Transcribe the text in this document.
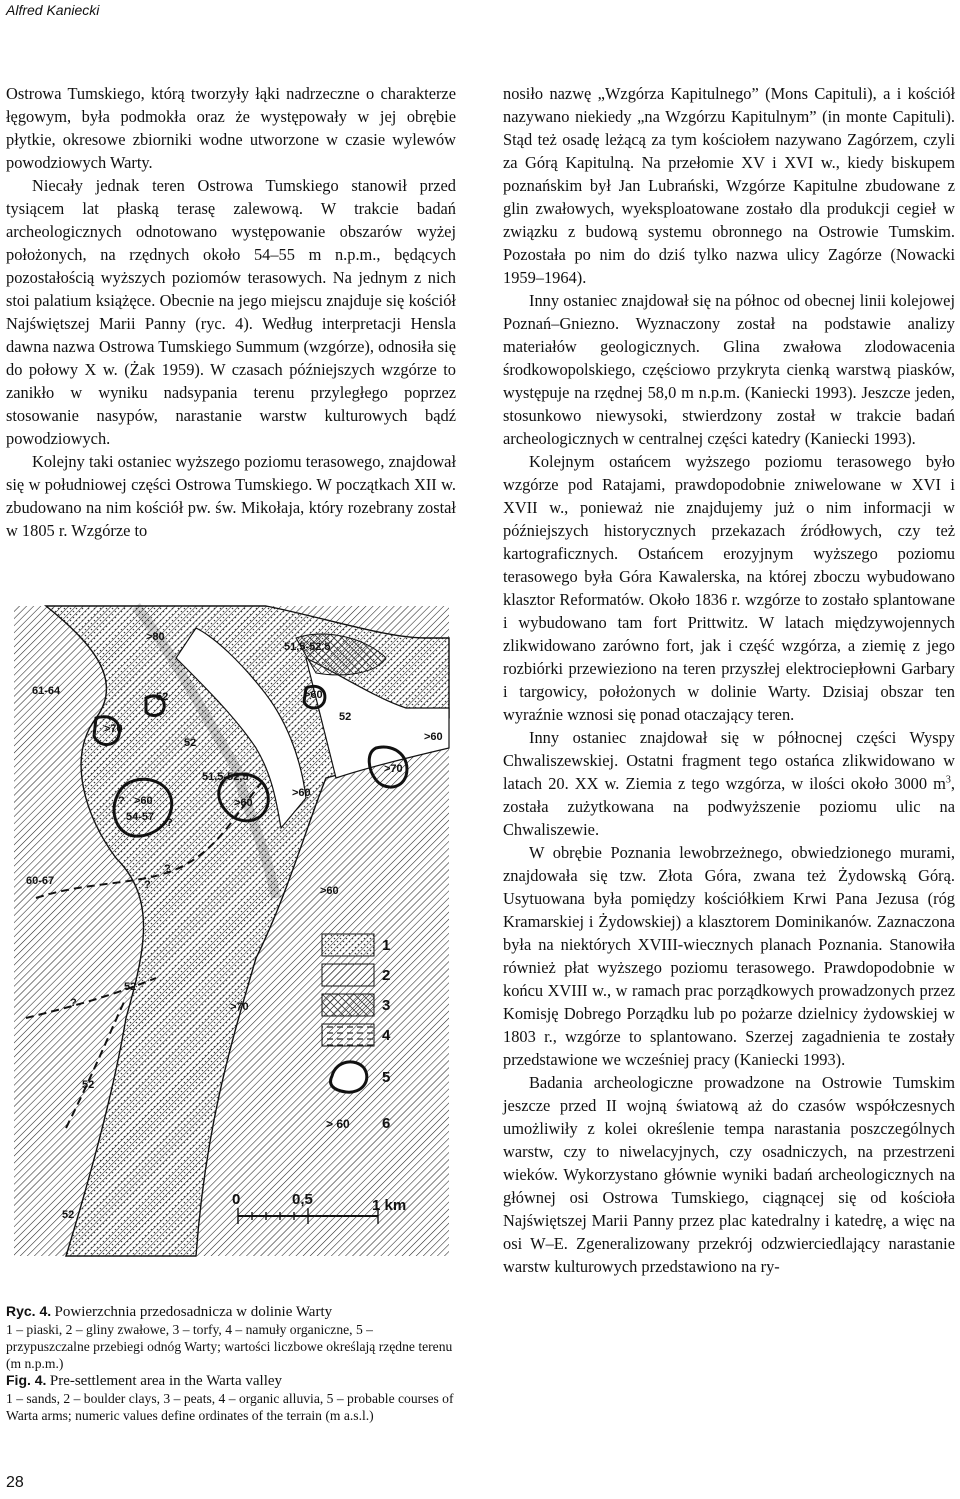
Alfred Kaniecki

Ostrowa Tumskiego, którą tworzyły łąki nadrzeczne o charakterze łęgowym, była podmokła oraz że występowały w jej obrębie płytkie, okresowe zbiorniki wodne utworzone w czasie wylewów powodziowych Warty.

Niecały jednak teren Ostrowa Tumskiego stanowił przed tysiącem lat płaską terasę zalewową. W trakcie badań archeologicznych odnotowano występowanie obszarów wyżej położonych, na rzędnych około 54–55 m n.p.m., będących pozostałością wyższych poziomów terasowych. Na jednym z nich stoi palatium książęce. Obecnie na jego miejscu znajduje się kościół Najświętszej Marii Panny (ryc. 4). Według interpretacji Hensla dawna nazwa Ostrowa Tumskiego Summum (wzgórze), odnosiła się do połowy X w. (Żak 1959). W czasach późniejszych wzgórze to zanikło w wyniku nadsypania terenu przyległego poprzez stosowanie nasypów, narastanie warstw kulturowych bądź powodziowych.

Kolejny taki ostaniec wyższego poziomu terasowego, znajdował się w południowej części Ostrowa Tumskiego. W początkach XII w. zbudowano na nim kościół pw. św. Mikołaja, który rozebrany został w 1805 r. Wzgórze to

nosiło nazwę „Wzgórza Kapitulnego” (Mons Capituli), a i kościół nazywano niekiedy „na Wzgórzu Kapitulnym” (in monte Capituli). Stąd też osadę leżącą za tym kościołem nazywano Zagórzem, czyli za Górą Kapitulną. Na przełomie XV i XVI w., kiedy biskupem poznańskim był Jan Lubrański, Wzgórze Kapitulne zbudowane z glin zwałowych, wyeksploatowane zostało dla produkcji cegieł w związku z budową systemu obronnego na Ostrowie Tumskim. Pozostała po nim do dziś tylko nazwa ulicy Zagórze (Nowacki 1959–1964).

Inny ostaniec znajdował się na północ od obecnej linii kolejowej Poznań–Gniezno. Wyznaczony został na podstawie analizy materiałów geologicznych. Glina zwałowa zlodowacenia środkowopolskiego, częściowo przykryta cienką warstwą piasków, występuje na rzędnej 58,0 m n.p.m. (Kaniecki 1993). Jeszcze jeden, stosunkowo niewysoki, stwierdzony został w trakcie badań archeologicznych w centralnej części katedry (Kaniecki 1993).

Kolejnym ostańcem wyższego poziomu terasowego było wzgórze pod Ratajami, prawdopodobnie zniwelowane w XVI i XVII w., ponieważ nie znajdujemy już o nim informacji w późniejszych historycznych przekazach źródłowych, czy też kartograficznych. Ostańcem erozyjnym wyższego poziomu terasowego była Góra Kawalerska, na której zboczu wybudowano klasztor Reformatów. Około 1836 r. wzgórze to zostało splantowane i wybudowano tam fort Prittwitz. W latach międzywojennych zlikwidowano zarówno fort, jak i część wzgórza, a ziemię z jego rozbiórki przewieziono na teren przyszłej elektrociepłowni Garbary i targowicy, położonych w dolinie Warty. Dzisiaj obszar ten wyraźnie wznosi się ponad otaczający teren.

Inny ostaniec znajdował się w północnej części Wyspy Chwaliszewskiej. Ostatni fragment tego ostańca zlikwidowano w latach 20. XX w. Ziemia z tego wzgórza, w ilości około 3000 $m^3$, została zużytkowana na podwyższenie poziomu ulic na Chwaliszewie.

W obrębie Poznania lewobrzeżnego, obwiedzionego murami, znajdowała się tzw. Złota Góra, zwana też Żydowską Górą. Usytuowana była pomiędzy kościółkiem Krwi Pana Jezusa (róg Kramarskiej i Żydowskiej) a klasztorem Dominikanów. Zaznaczona była na niektórych XVIII-wiecznych planach Poznania. Stanowiła również płat wyższego poziomu terasowego. Prawdopodobnie w końcu XVIII w., w ramach prac porządkowych prowadzonych przez Komisję Dobrego Porządku lub po pożarze dzielnicy żydowskiej w 1803 r., wzgórze to splantowano. Szerzej zagadnienia te zostały przedstawione we wcześniej pracy (Kaniecki 1993).

Badania archeologiczne prowadzone na Ostrowie Tumskim jeszcze przed II wojną światową aż do czasów współczesnych umożliwiły z kolei określenie tempa narastania poszczególnych warstw, czy to niwelacyjnych, czy osadniczych, na przestrzeni wieków. Wykorzystano głównie wyniki badań archeologicznych na głównej osi Ostrowa Tumskiego, ciągnącej się od kościoła Najświętszej Marii Panny przez plac katedralny i katedrę, a więc na osi W–E. Zgeneralizowany przekrój odzwierciedlający narastanie warstw kulturowych przedstawiono na ry-

>80
51,5-52,5
61-64	52	>60
>70
52
52	>60
51,5-52,5
>60
>70
>60
? >60
54-57 ?
?
60-67	?	>60
52
>70
?
52
52
1
2
3
4
5
6
> 60
0	0,5	1 km

Ryc. 4. Powierzchnia przedosadnicza w dolinie Warty

1 – piaski, 2 – gliny zwałowe, 3 – torfy, 4 – namuły organiczne, 5 – przypuszczalne przebiegi odnóg Warty; wartości liczbowe określają rzędne terenu (m n.p.m.)

Fig. 4. Pre-settlement area in the Warta valley

1 – sands, 2 – boulder clays, 3 – peats, 4 – organic alluvia, 5 – probable courses of Warta arms; numeric values define ordinates of the terrain (m a.s.l.)

28
